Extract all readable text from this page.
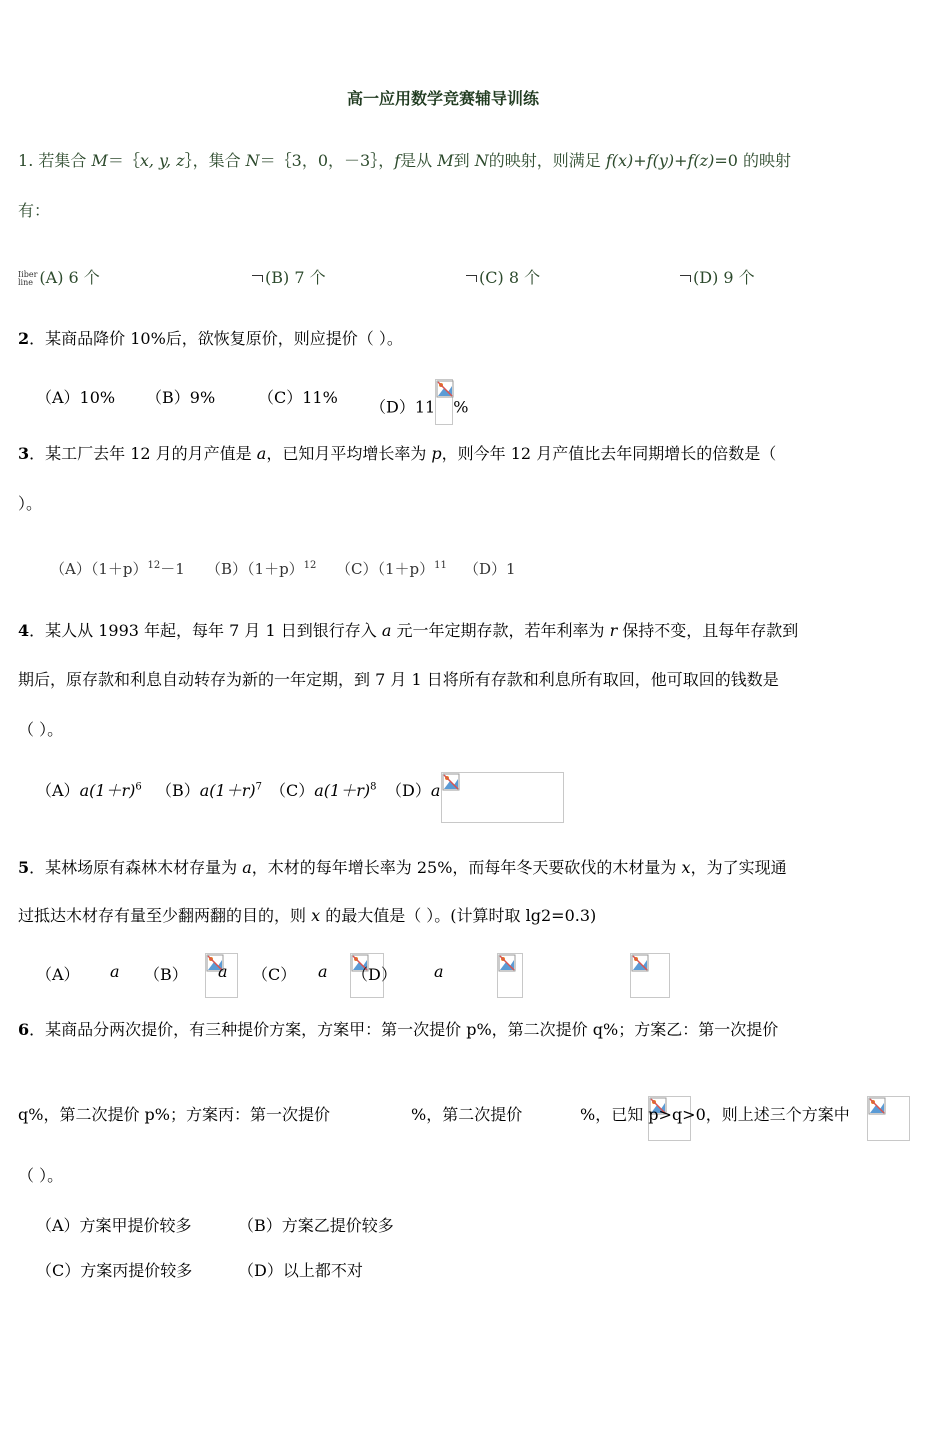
高一应用数学竞赛辅导训练
1. 若集合 M＝｛x, y, z｝，集合 N＝｛3，0，－3｝，f是从 M到 N的映射，则满足 f(x)+f(y)+f(z)=0 的映射
有：
Iiber
line (A) 6 个	(B) 7 个	(C) 8 个	(D) 9 个
2．某商品降价 10%后，欲恢复原价，则应提价（ ）。
（A）10% （B）9%	（C）11% （D）11 %
3．某工厂去年 12 月的月产值是 a，已知月平均增长率为 p，则今年 12 月产值比去年同期增长的倍数是（
）。
$(A)(1+p)^{12}-1$ $(B)(1+p)^{12}$ $(C)(1+p)^{11}$ （D）1
4．某人从 1993 年起，每年 7 月 1 日到银行存入 a 元一年定期存款，若年利率为 r 保持不变，且每年存款到
期后，原存款和利息自动转存为新的一年定期，到 7 月 1 日将所有存款和利息所有取回，他可取回的钱数是
（ ）。
$(A)a(1+r)^6$ $(B)a(1+r)^7$ $(C)a(1+r)^8$ （D）a

5．某林场原有森林木材存量为 a，木材的每年增长率为 25%，而每年冬天要砍伐的木材量为 x，为了实现通
过抵达木材存有量至少翻两翻的目的，则 x 的最大值是（ ）。(计算时取 lg2=0.3)
（A）
a （B）
a （C）
a （D）
a
6．某商品分两次提价，有三种提价方案，方案甲：第一次提价 p%，第二次提价 q%；方案乙：第一次提价
q%，第二次提价 p%；方案丙：第一次提价
	%，第二次提价	%，已知 p>q>0，则上述三个方案中
（ ）。
（A）方案甲提价较多	（B）方案乙提价较多
（C）方案丙提价较多	（D）以上都不对
